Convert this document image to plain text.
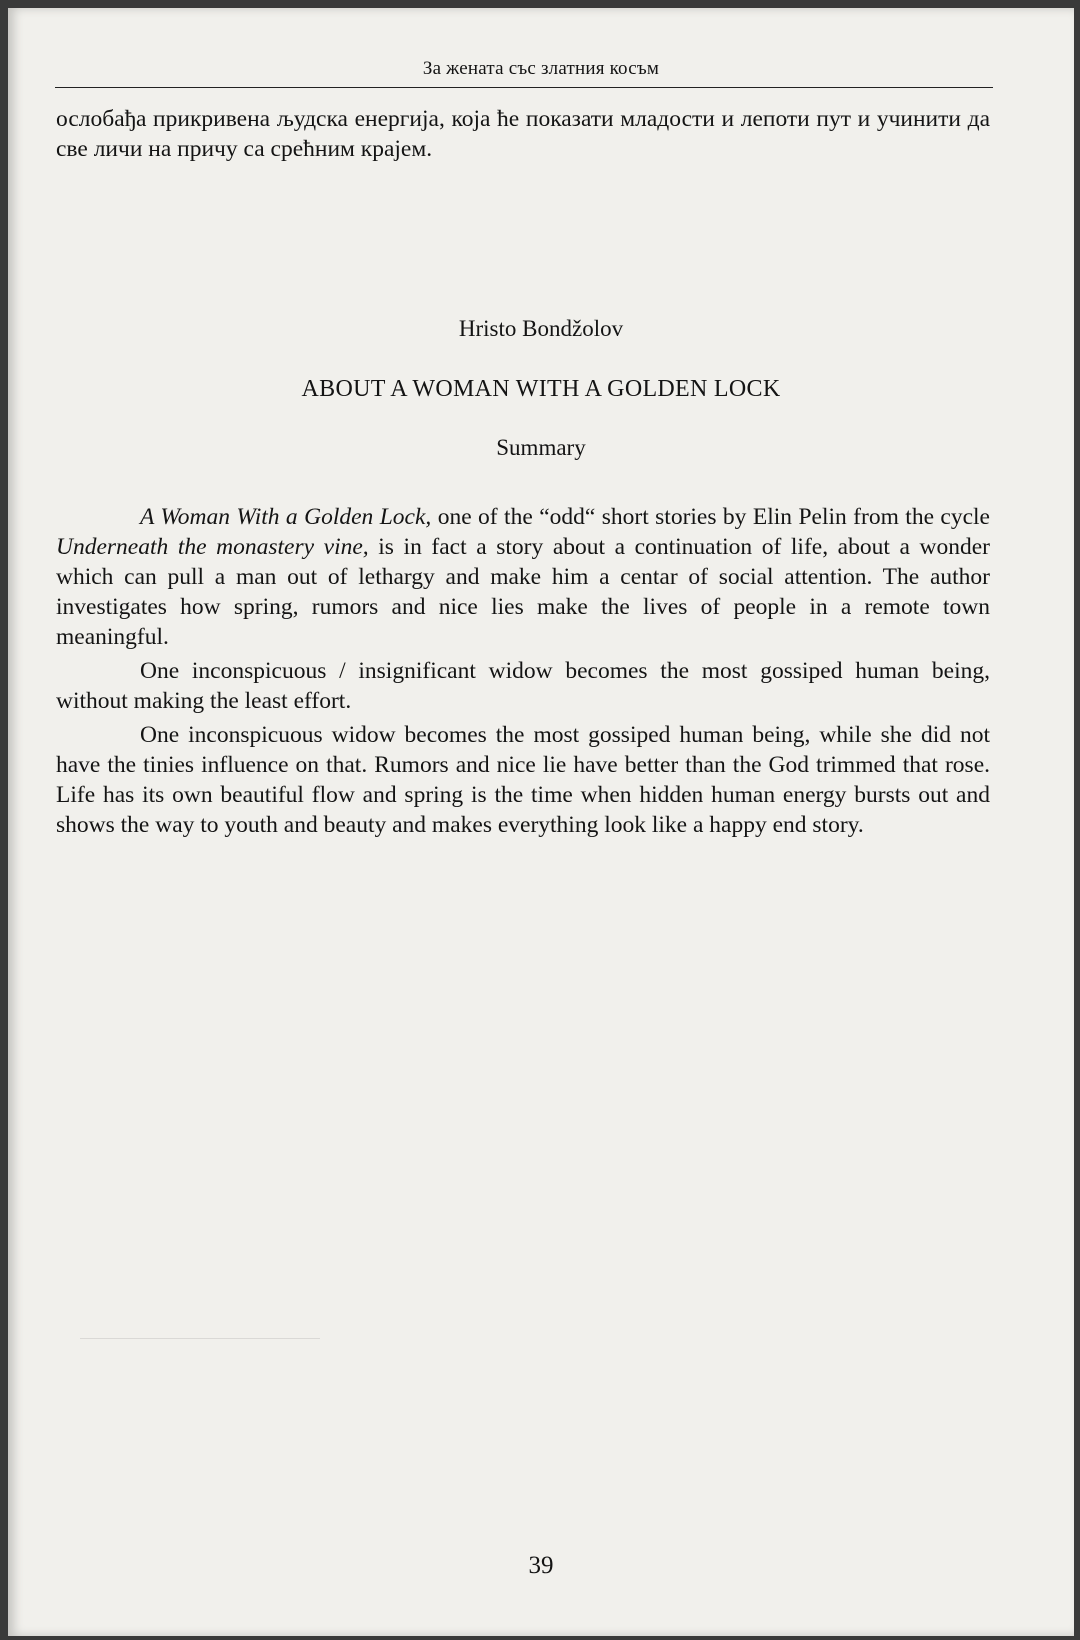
За жената със златния косъм

ослобађа прикривена људска енергија, која ће показати младости и лепоти пут и учинити да све личи на причу са срећним крајем.

Hristo Bondžolov
ABOUT A WOMAN WITH A GOLDEN LOCK
Summary

A Woman With a Golden Lock, one of the “odd“ short stories by Elin Pelin from the cycle Underneath the monastery vine, is in fact a story about a continuation of life, about a wonder which can pull a man out of lethargy and make him a centar of social attention. The author investigates how spring, rumors and nice lies make the lives of people in a remote town meaningful.

One inconspicuous / insignificant widow becomes the most gossiped human being, without making the least effort.

One inconspicuous widow becomes the most gossiped human being, while she did not have the tinies influence on that. Rumors and nice lie have better than the God trimmed that rose. Life has its own beautiful flow and spring is the time when hidden human energy bursts out and shows the way to youth and beauty and makes everything look like a happy end story.

39
